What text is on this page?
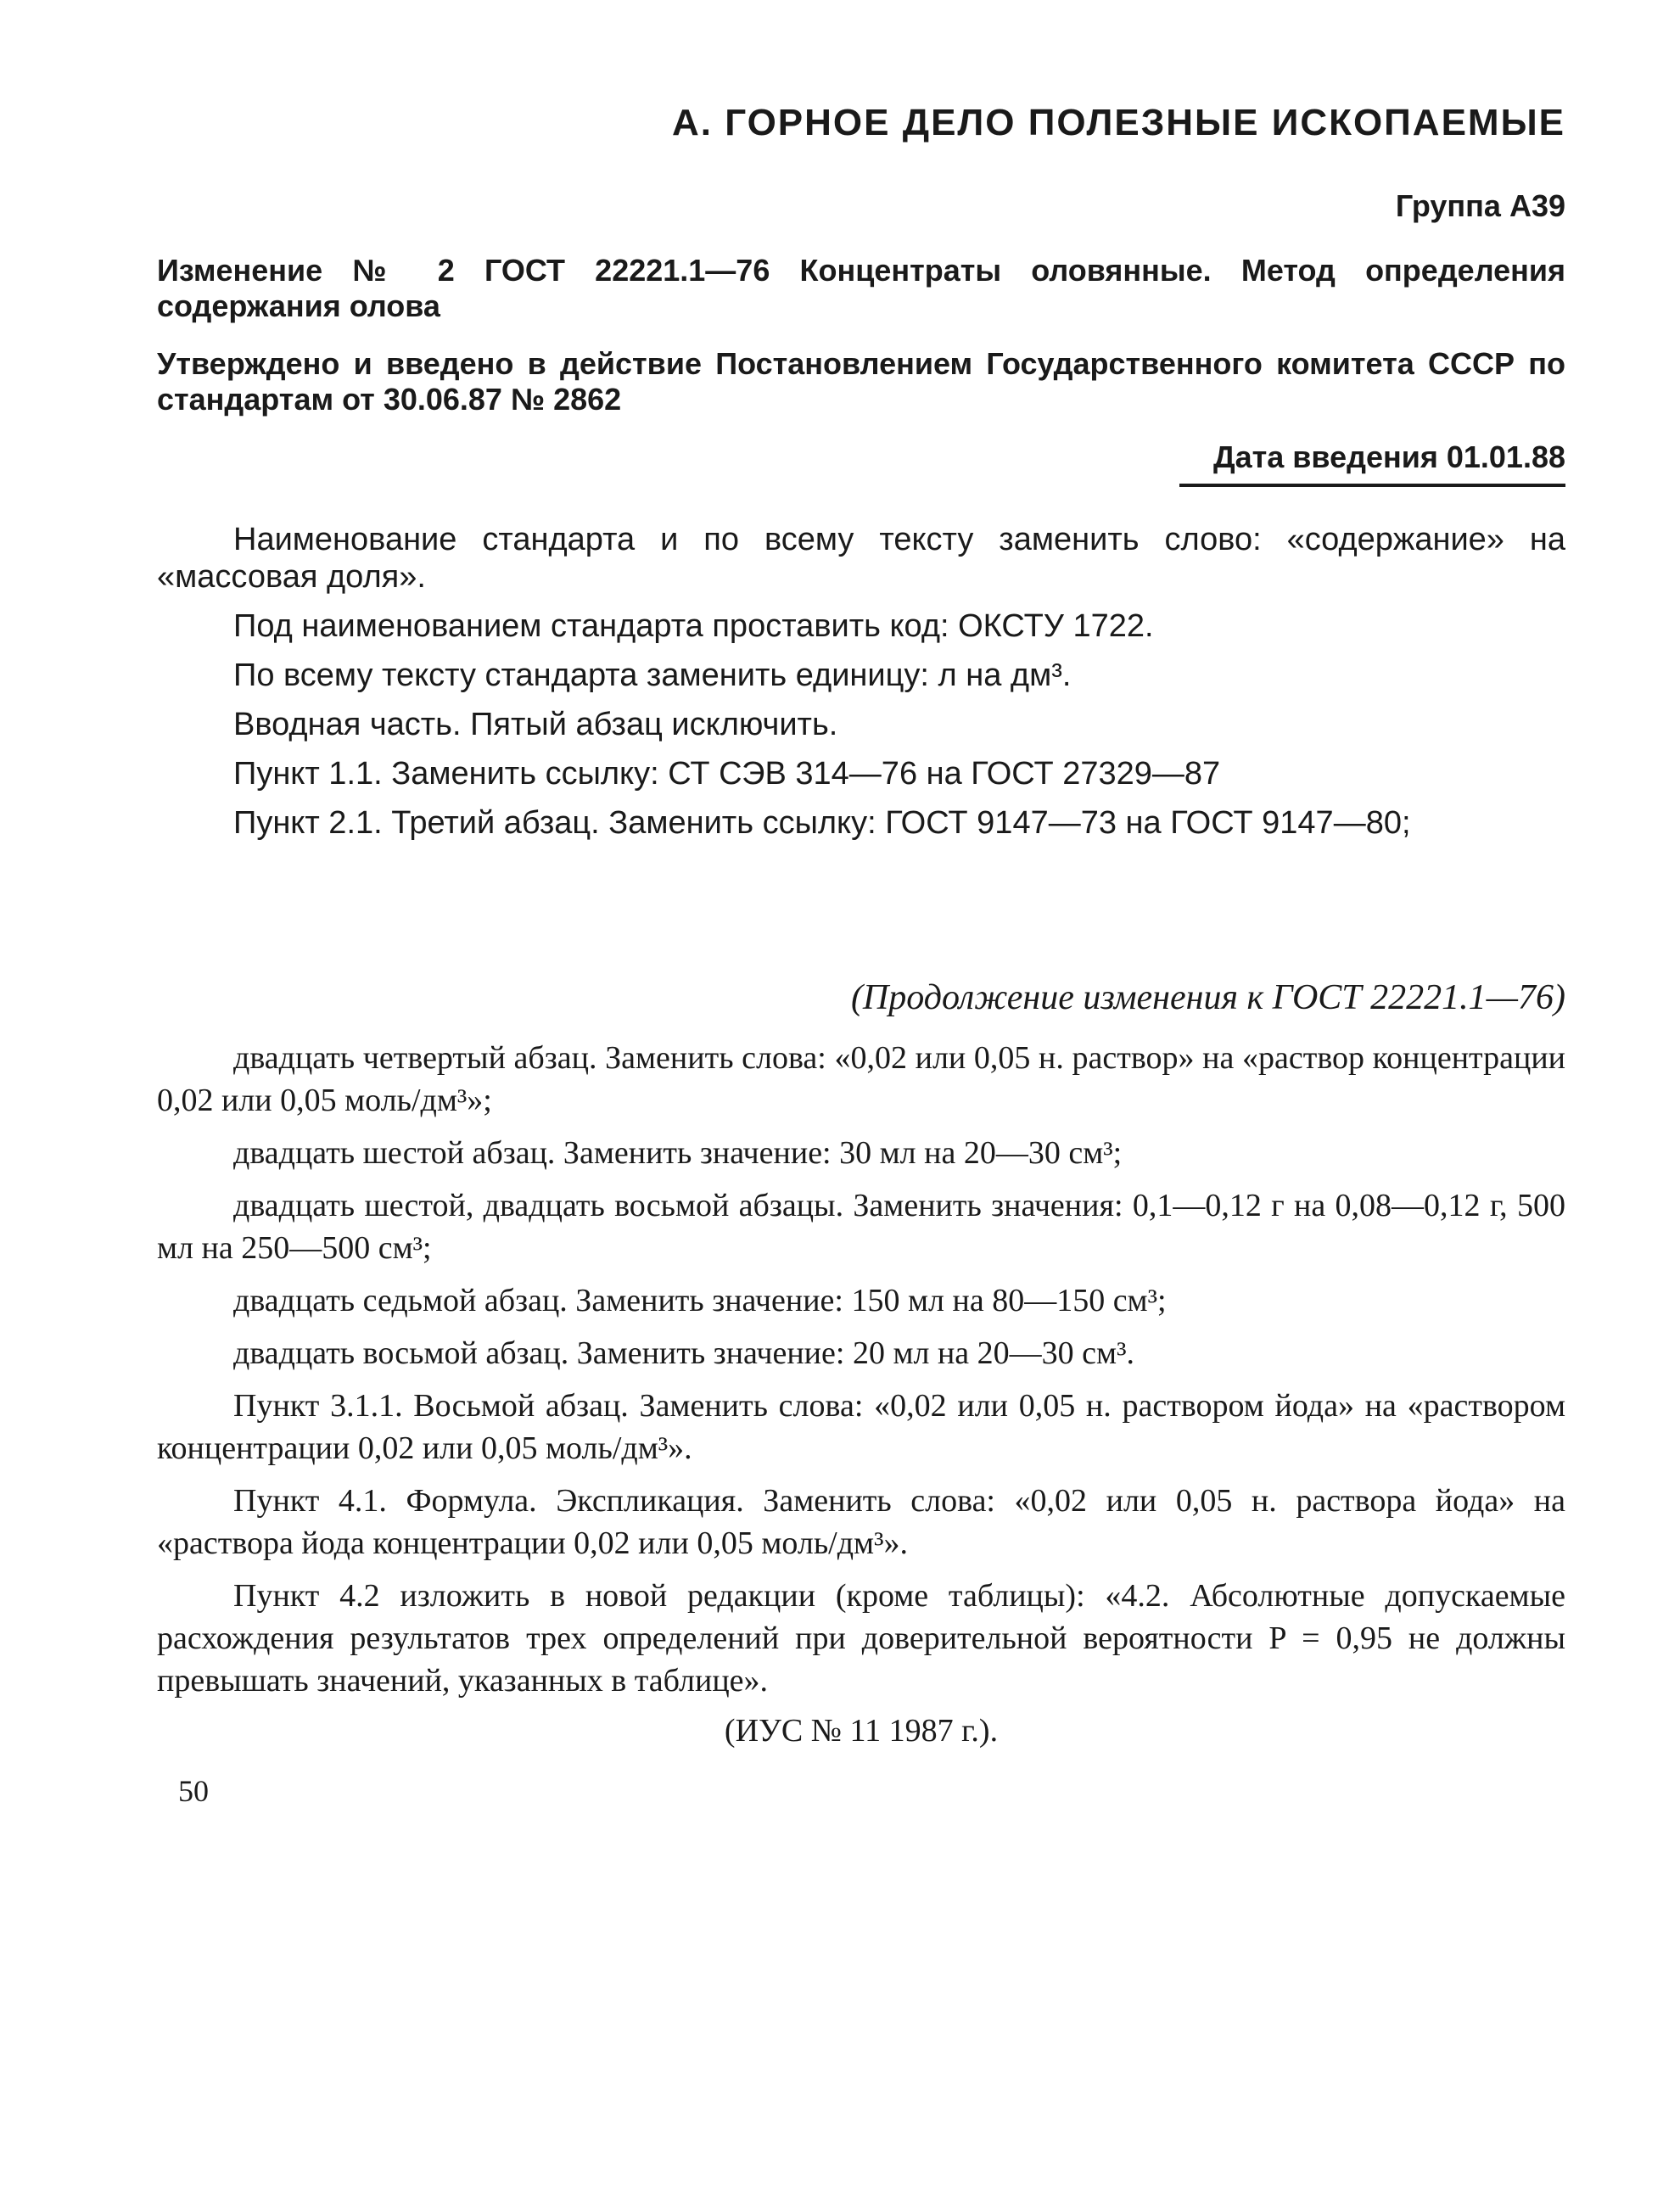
А. ГОРНОЕ ДЕЛО ПОЛЕЗНЫЕ ИСКОПАЕМЫЕ
Группа А39
Изменение № 2 ГОСТ 22221.1—76 Концентраты оловянные. Метод определения содержания олова
Утверждено и введено в действие Постановлением Государственного комитета СССР по стандартам от 30.06.87 № 2862
Дата введения 01.01.88

Наименование стандарта и по всему тексту заменить слово: «содержание» на «массовая доля».

Под наименованием стандарта проставить код: ОКСТУ 1722.

По всему тексту стандарта заменить единицу: л на дм³.

Вводная часть. Пятый абзац исключить.

Пункт 1.1. Заменить ссылку: СТ СЭВ 314—76 на ГОСТ 27329—87

Пункт 2.1. Третий абзац. Заменить ссылку: ГОСТ 9147—73 на ГОСТ 9147—80;

(Продолжение изменения к ГОСТ 22221.1—76)

двадцать четвертый абзац. Заменить слова: «0,02 или 0,05 н. раствор» на «раствор концентрации 0,02 или 0,05 моль/дм³»;

двадцать шестой абзац. Заменить значение: 30 мл на 20—30 см³;

двадцать шестой, двадцать восьмой абзацы. Заменить значения: 0,1—0,12 г на 0,08—0,12 г, 500 мл на 250—500 см³;

двадцать седьмой абзац. Заменить значение: 150 мл на 80—150 см³;

двадцать восьмой абзац. Заменить значение: 20 мл на 20—30 см³.

Пункт 3.1.1. Восьмой абзац. Заменить слова: «0,02 или 0,05 н. раствором йода» на «раствором концентрации 0,02 или 0,05 моль/дм³».

Пункт 4.1. Формула. Экспликация. Заменить слова: «0,02 или 0,05 н. раствора йода» на «раствора йода концентрации 0,02 или 0,05 моль/дм³».

Пункт 4.2 изложить в новой редакции (кроме таблицы): «4.2. Абсолютные допускаемые расхождения результатов трех определений при доверительной вероятности P = 0,95 не должны превышать значений, указанных в таблице».

(ИУС № 11 1987 г.).
50
